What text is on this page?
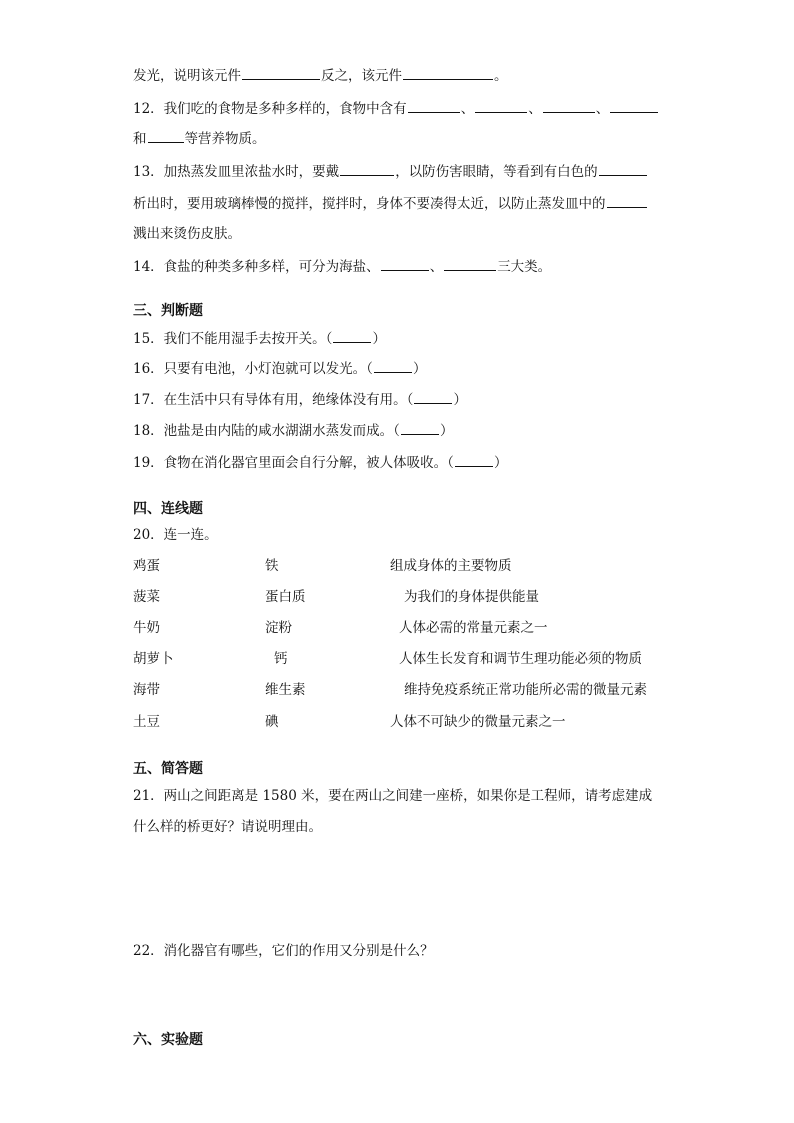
发光，说明该元件	反之，该元件	。
12．我们吃的食物是多种多样的，食物中含有	、	、	、
和	等营养物质。
13．加热蒸发皿里浓盐水时，要戴	，以防伤害眼睛，等看到有白色的
析出时，要用玻璃棒慢的搅拌，搅拌时，身体不要凑得太近，以防止蒸发皿中的
溅出来烫伤皮肤。
14．食盐的种类多种多样，可分为海盐、	、	三大类。
三、判断题
15．我们不能用湿手去按开关。（	）
16．只要有电池，小灯泡就可以发光。（	）
17．在生活中只有导体有用，绝缘体没有用。（	）
18．池盐是由内陆的咸水湖湖水蒸发而成。（	）
19．食物在消化器官里面会自行分解，被人体吸收。（	）
四、连线题
20．连一连。
鸡蛋	铁	组成身体的主要物质
菠菜	蛋白质	为我们的身体提供能量
牛奶	淀粉	人体必需的常量元素之一
胡萝卜	钙	人体生长发育和调节生理功能必须的物质
海带	维生素	维持免疫系统正常功能所必需的微量元素
土豆	碘	人体不可缺少的微量元素之一
五、简答题
21．两山之间距离是 1580 米，要在两山之间建一座桥，如果你是工程师，请考虑建成
什么样的桥更好？请说明理由。
22．消化器官有哪些，它们的作用又分别是什么？
六、实验题
